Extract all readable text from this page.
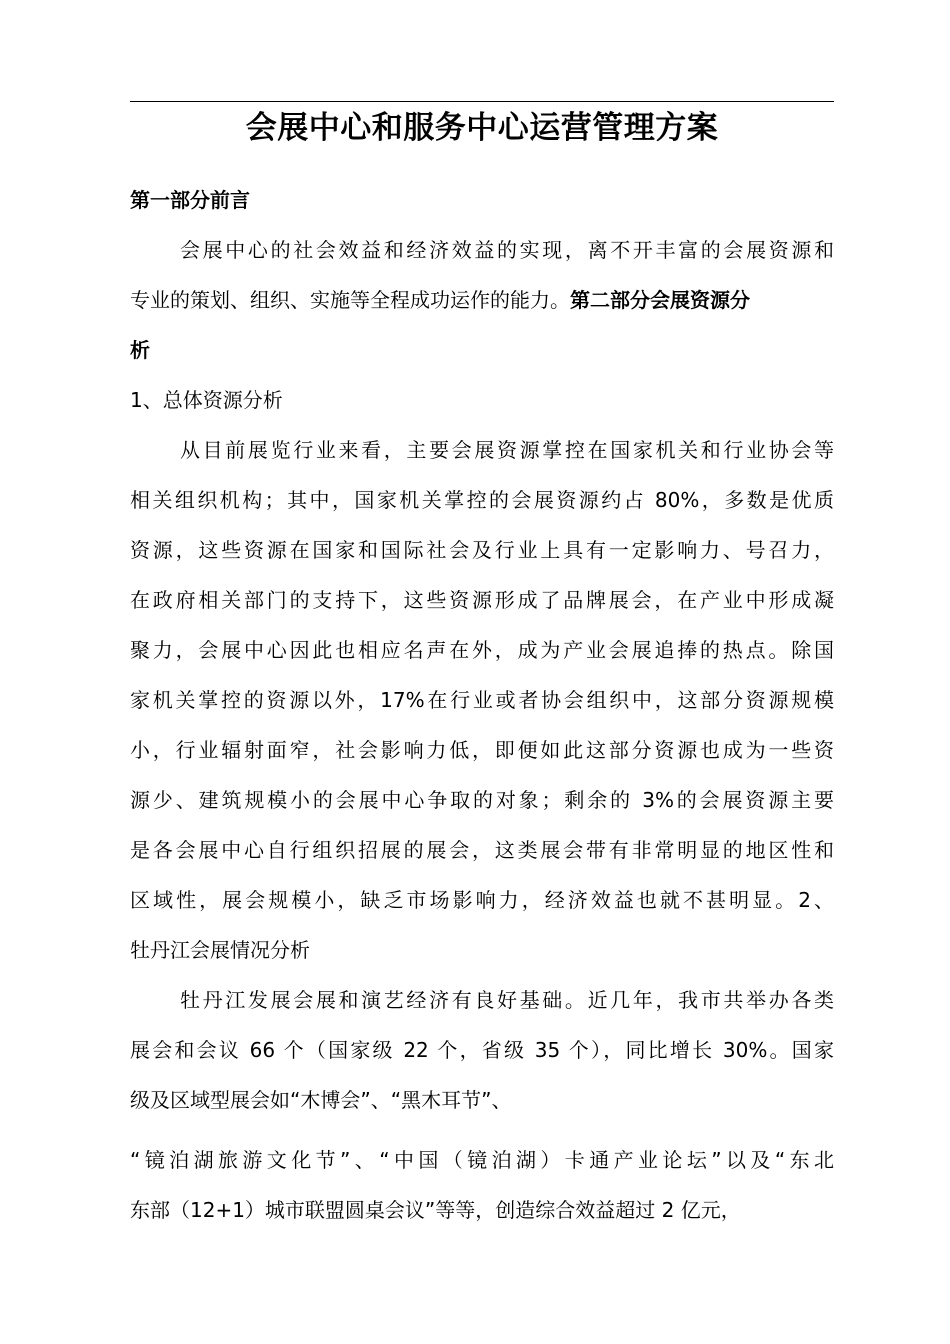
会展中心和服务中心运营管理方案
第一部分前言
会展中心的社会效益和经济效益的实现，离不开丰富的会展资源和
专业的策划、组织、实施等全程成功运作的能力。第二部分会展资源分
析
1、总体资源分析
从目前展览行业来看，主要会展资源掌控在国家机关和行业协会等
相关组织机构；其中，国家机关掌控的会展资源约占 80%，多数是优质
资源，这些资源在国家和国际社会及行业上具有一定影响力、号召力，
在政府相关部门的支持下，这些资源形成了品牌展会，在产业中形成凝
聚力，会展中心因此也相应名声在外，成为产业会展追捧的热点。除国
家机关掌控的资源以外，17%在行业或者协会组织中，这部分资源规模
小，行业辐射面窄，社会影响力低，即便如此这部分资源也成为一些资
源少、建筑规模小的会展中心争取的对象；剩余的 3%的会展资源主要
是各会展中心自行组织招展的展会，这类展会带有非常明显的地区性和
区域性，展会规模小，缺乏市场影响力，经济效益也就不甚明显。2、
牡丹江会展情况分析
牡丹江发展会展和演艺经济有良好基础。近几年，我市共举办各类
展会和会议 66 个（国家级 22 个，省级 35 个），同比增长 30%。国家
级及区域型展会如“木博会”、“黑木耳节”、
“镜泊湖旅游文化节”、“中国（镜泊湖）卡通产业论坛”以及“东北
东部（12+1）城市联盟圆桌会议”等等，创造综合效益超过 2 亿元，
